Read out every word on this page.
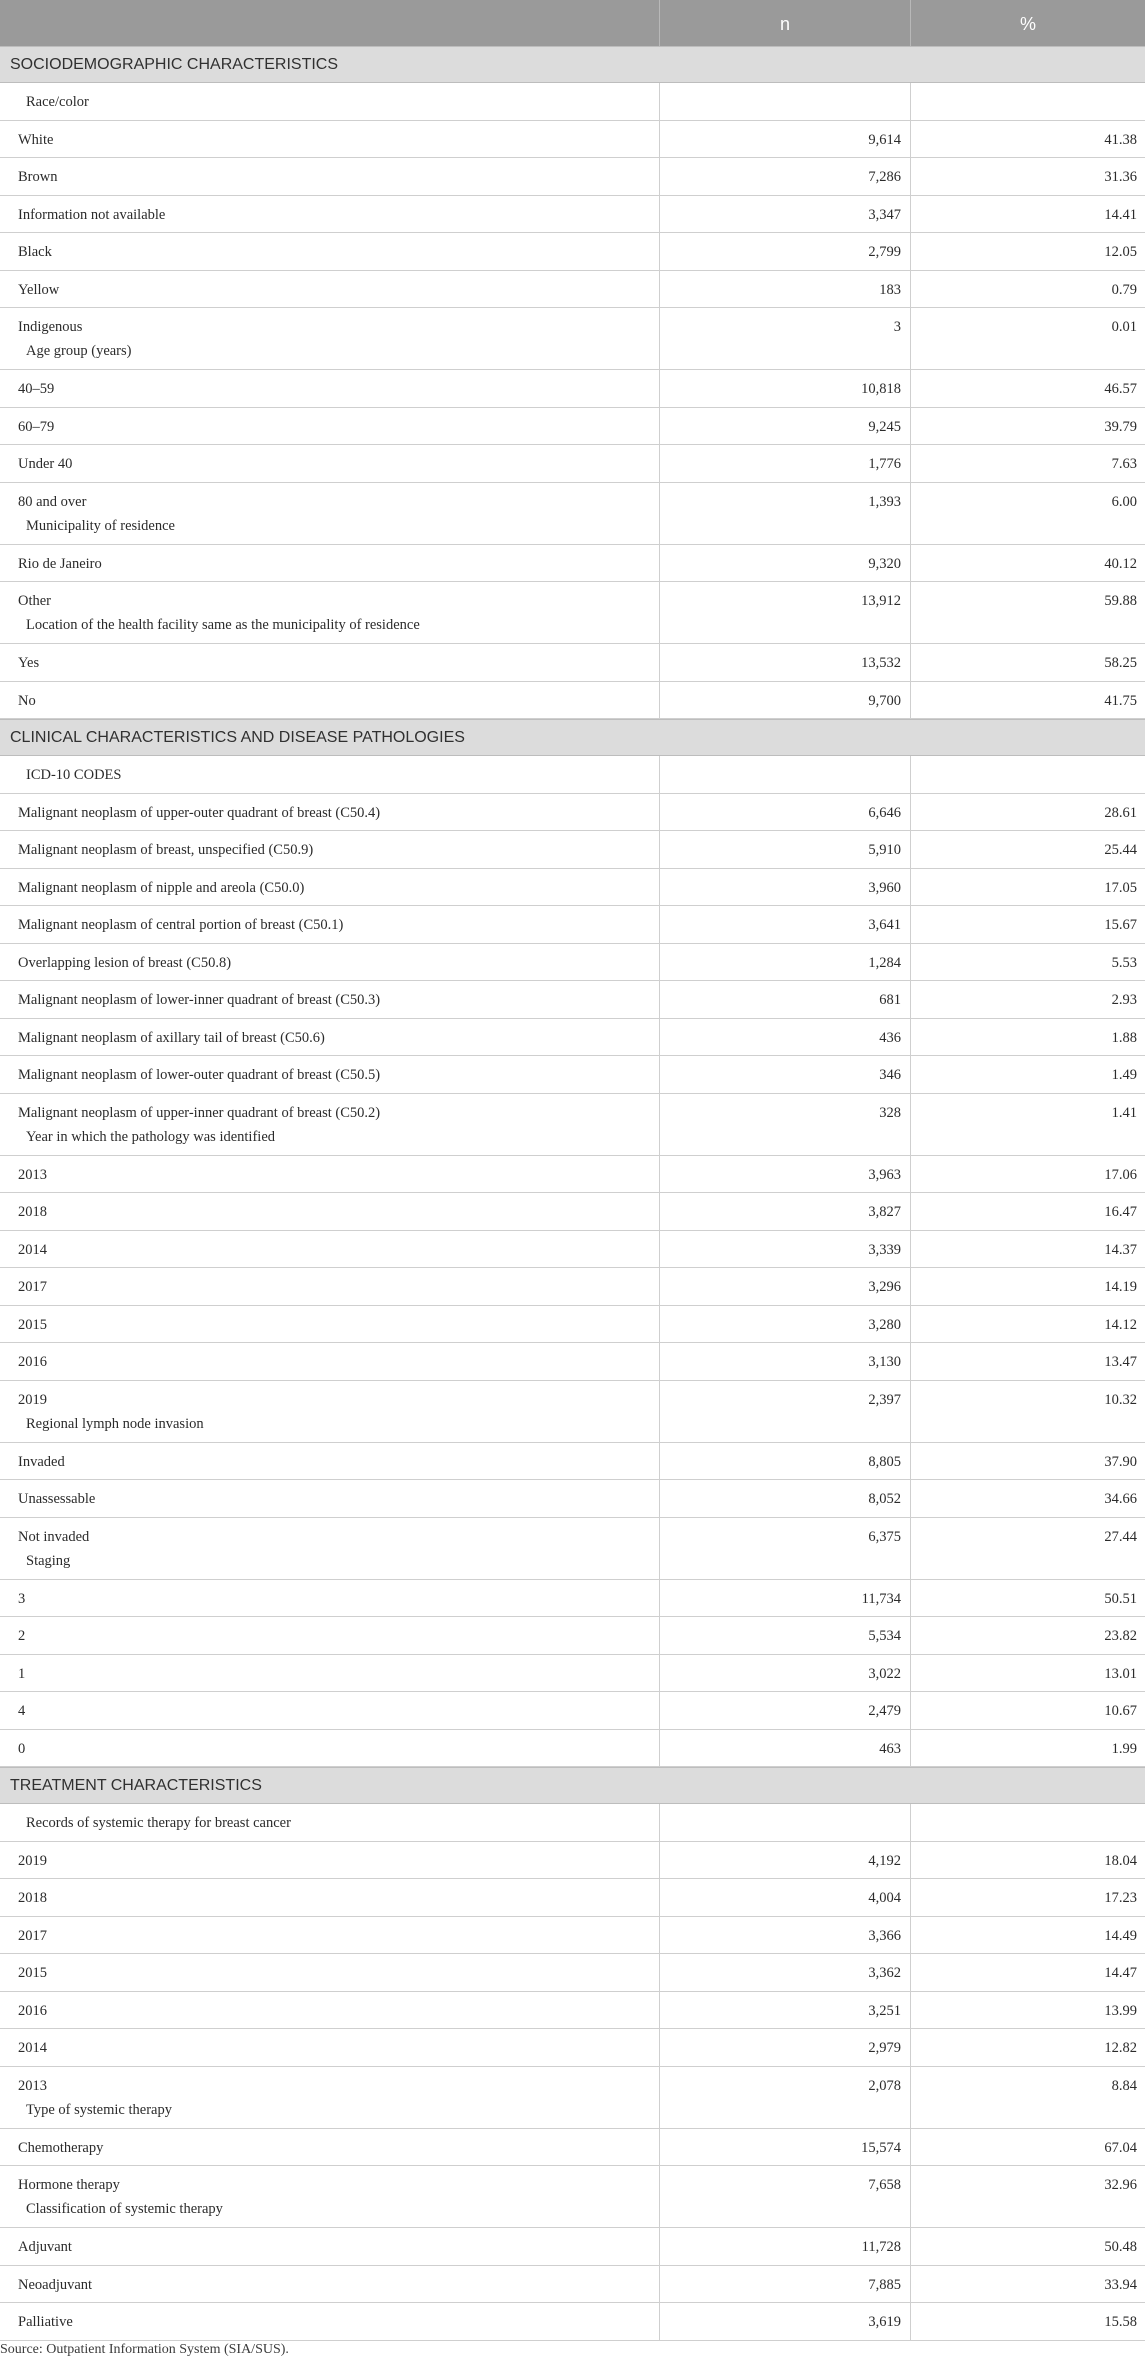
n	%
SOCIODEMOGRAPHIC CHARACTERISTICS
Race/color
White	9,614	41.38
Brown	7,286	31.36
Information not available	3,347	14.41
Black	2,799	12.05
Yellow	183	0.79
Indigenous	3	0.01
Age group (years)
40–59	10,818	46.57
60–79	9,245	39.79
Under 40	1,776	7.63
80 and over	1,393	6.00
Municipality of residence
Rio de Janeiro	9,320	40.12
Other	13,912	59.88
Location of the health facility same as the municipality of residence
Yes	13,532	58.25
No	9,700	41.75
CLINICAL CHARACTERISTICS AND DISEASE PATHOLOGIES
ICD-10 CODES
Malignant neoplasm of upper-outer quadrant of breast (C50.4)	6,646	28.61
Malignant neoplasm of breast, unspecified (C50.9)	5,910	25.44
Malignant neoplasm of nipple and areola (C50.0)	3,960	17.05
Malignant neoplasm of central portion of breast (C50.1)	3,641	15.67
Overlapping lesion of breast (C50.8)	1,284	5.53
Malignant neoplasm of lower-inner quadrant of breast (C50.3)	681	2.93
Malignant neoplasm of axillary tail of breast (C50.6)	436	1.88
Malignant neoplasm of lower-outer quadrant of breast (C50.5)	346	1.49
Malignant neoplasm of upper-inner quadrant of breast (C50.2)	328	1.41
Year in which the pathology was identified
2013	3,963	17.06
2018	3,827	16.47
2014	3,339	14.37
2017	3,296	14.19
2015	3,280	14.12
2016	3,130	13.47
2019	2,397	10.32
Regional lymph node invasion
Invaded	8,805	37.90
Unassessable	8,052	34.66
Not invaded	6,375	27.44
Staging
3	11,734	50.51
2	5,534	23.82
1	3,022	13.01
4	2,479	10.67
0	463	1.99
TREATMENT CHARACTERISTICS
Records of systemic therapy for breast cancer
2019	4,192	18.04
2018	4,004	17.23
2017	3,366	14.49
2015	3,362	14.47
2016	3,251	13.99
2014	2,979	12.82
2013	2,078	8.84
Type of systemic therapy
Chemotherapy	15,574	67.04
Hormone therapy	7,658	32.96
Classification of systemic therapy
Adjuvant	11,728	50.48
Neoadjuvant	7,885	33.94
Palliative	3,619	15.58
Source: Outpatient Information System (SIA/SUS).
